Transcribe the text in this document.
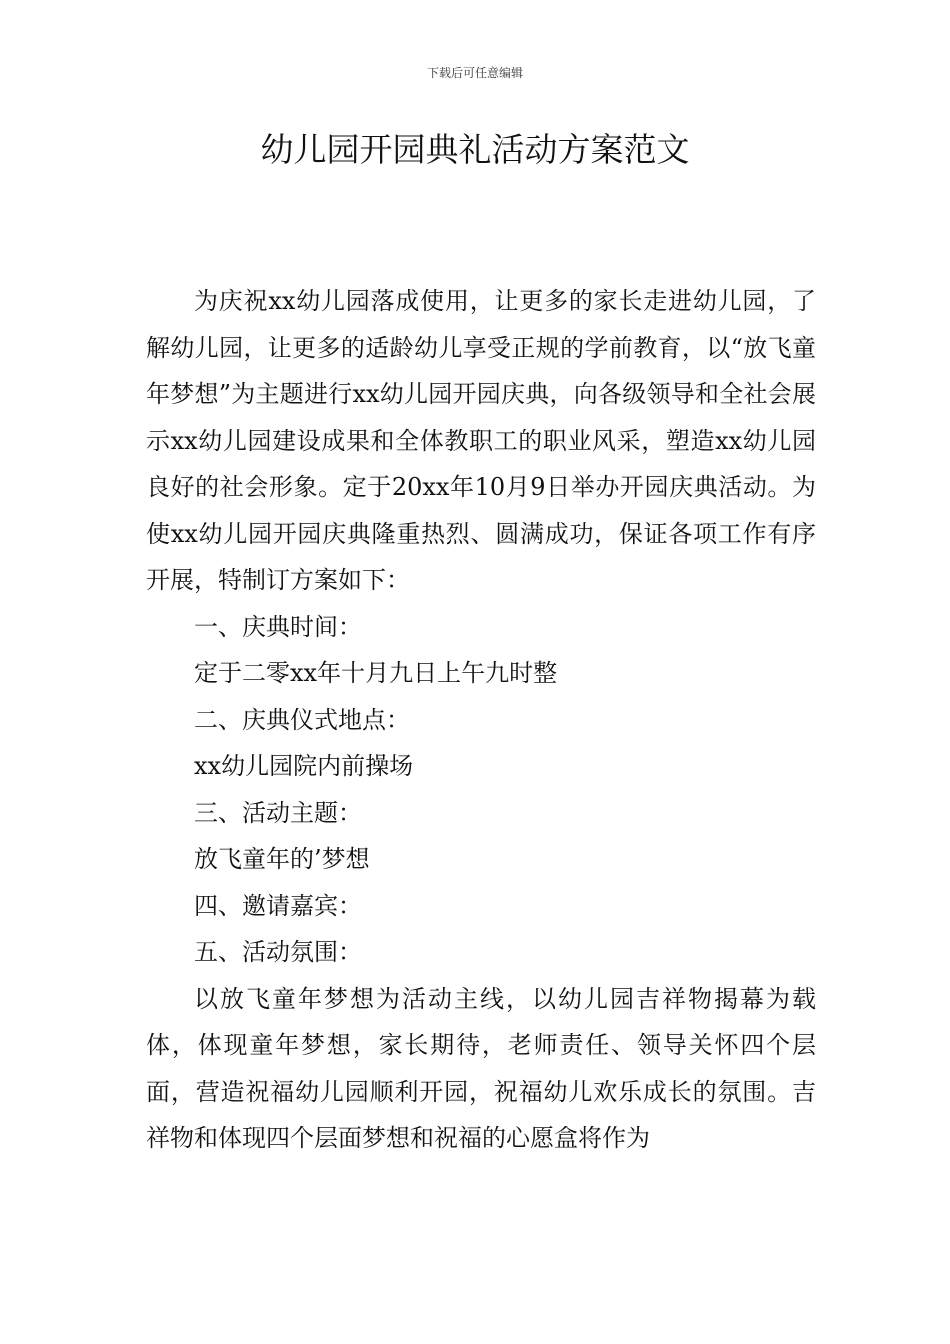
下载后可任意编辑
幼儿园开园典礼活动方案范文

为庆祝xx幼儿园落成使用，让更多的家长走进幼儿园，了解幼儿园，让更多的适龄幼儿享受正规的学前教育，以“放飞童年梦想”为主题进行xx幼儿园开园庆典，向各级领导和全社会展示xx幼儿园建设成果和全体教职工的职业风采，塑造xx幼儿园良好的社会形象。定于20xx年10月9日举办开园庆典活动。为使xx幼儿园开园庆典隆重热烈、圆满成功，保证各项工作有序开展，特制订方案如下：

一、庆典时间：

定于二零xx年十月九日上午九时整

二、庆典仪式地点：

xx幼儿园院内前操场

三、活动主题：

放飞童年的’梦想

四、邀请嘉宾：

五、活动氛围：

以放飞童年梦想为活动主线，以幼儿园吉祥物揭幕为载体，体现童年梦想，家长期待，老师责任、领导关怀四个层面，营造祝福幼儿园顺利开园，祝福幼儿欢乐成长的氛围。吉祥物和体现四个层面梦想和祝福的心愿盒将作为
